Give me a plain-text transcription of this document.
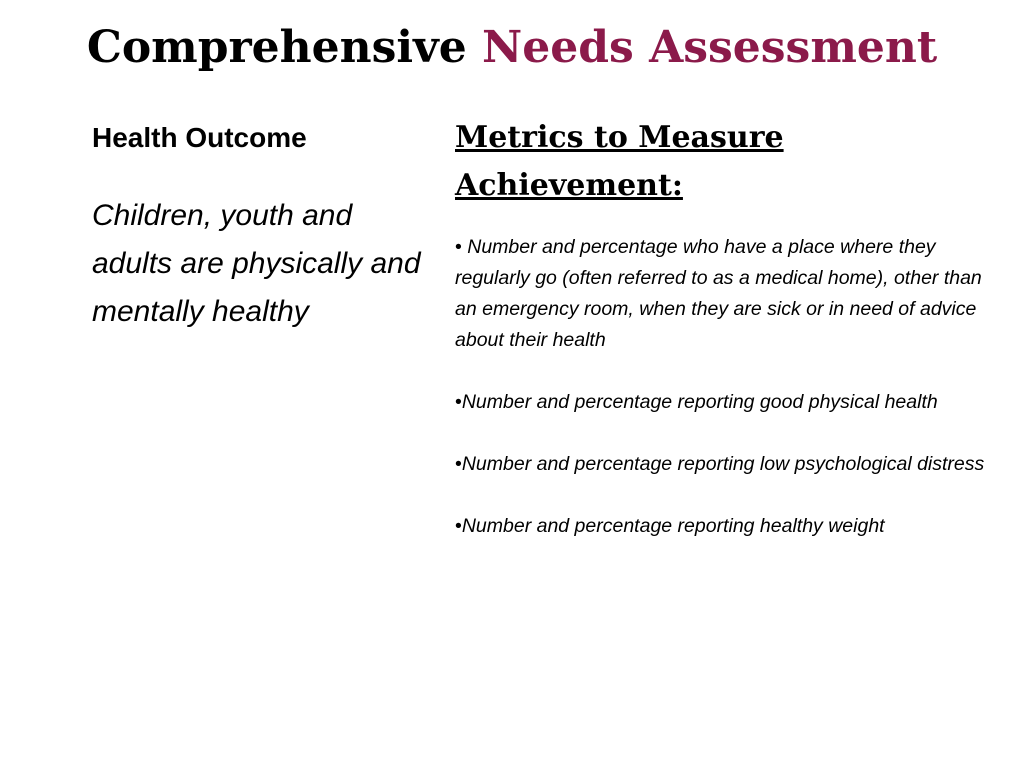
Comprehensive Needs Assessment
Health Outcome
Children, youth and adults are physically and mentally healthy
Metrics to Measure Achievement:

• Number and percentage who have a place where they regularly go (often referred to as a medical home), other than an emergency room, when they are sick or in need of advice about their health

•Number and percentage reporting good physical health

•Number and percentage reporting low psychological distress

•Number and percentage reporting healthy weight
